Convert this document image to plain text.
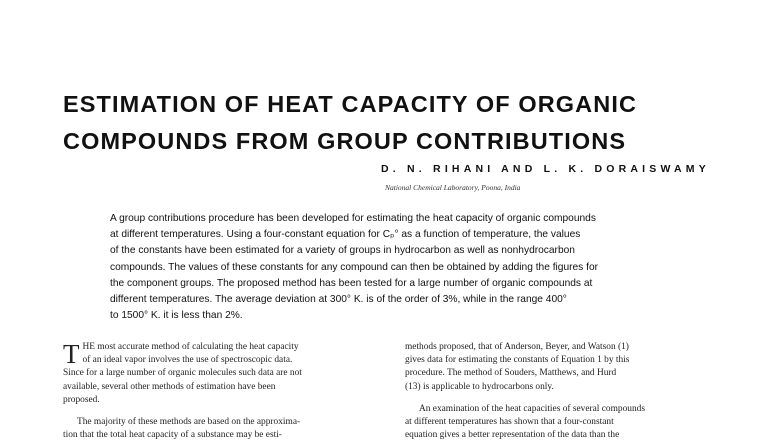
ESTIMATION OF HEAT CAPACITY OF ORGANIC
COMPOUNDS FROM GROUP CONTRIBUTIONS
D. N. RIHANI AND L. K. DORAISWAMY
National Chemical Laboratory, Poona, India
A group contributions procedure has been developed for estimating the heat capacity of organic compounds
at different temperatures. Using a four-constant equation for Cₚ° as a function of temperature, the values
of the constants have been estimated for a variety of groups in hydrocarbon as well as nonhydrocarbon
compounds. The values of these constants for any compound can then be obtained by adding the figures for
the component groups. The proposed method has been tested for a large number of organic compounds at
different temperatures. The average deviation at 300° K. is of the order of 3%, while in the range 400°
to 1500° K. it is less than 2%.
T HE most accurate method of calculating the heat capacity
of an ideal vapor involves the use of spectroscopic data.
Since for a large number of organic molecules such data are not
available, several other methods of estimation have been
proposed.
The majority of these methods are based on the approxima-
tion that the total heat capacity of a substance may be esti-
methods proposed, that of Anderson, Beyer, and Watson (1)
gives data for estimating the constants of Equation 1 by this
procedure. The method of Souders, Matthews, and Hurd
(13) is applicable to hydrocarbons only.
An examination of the heat capacities of several compounds
at different temperatures has shown that a four-constant
equation gives a better representation of the data than the
